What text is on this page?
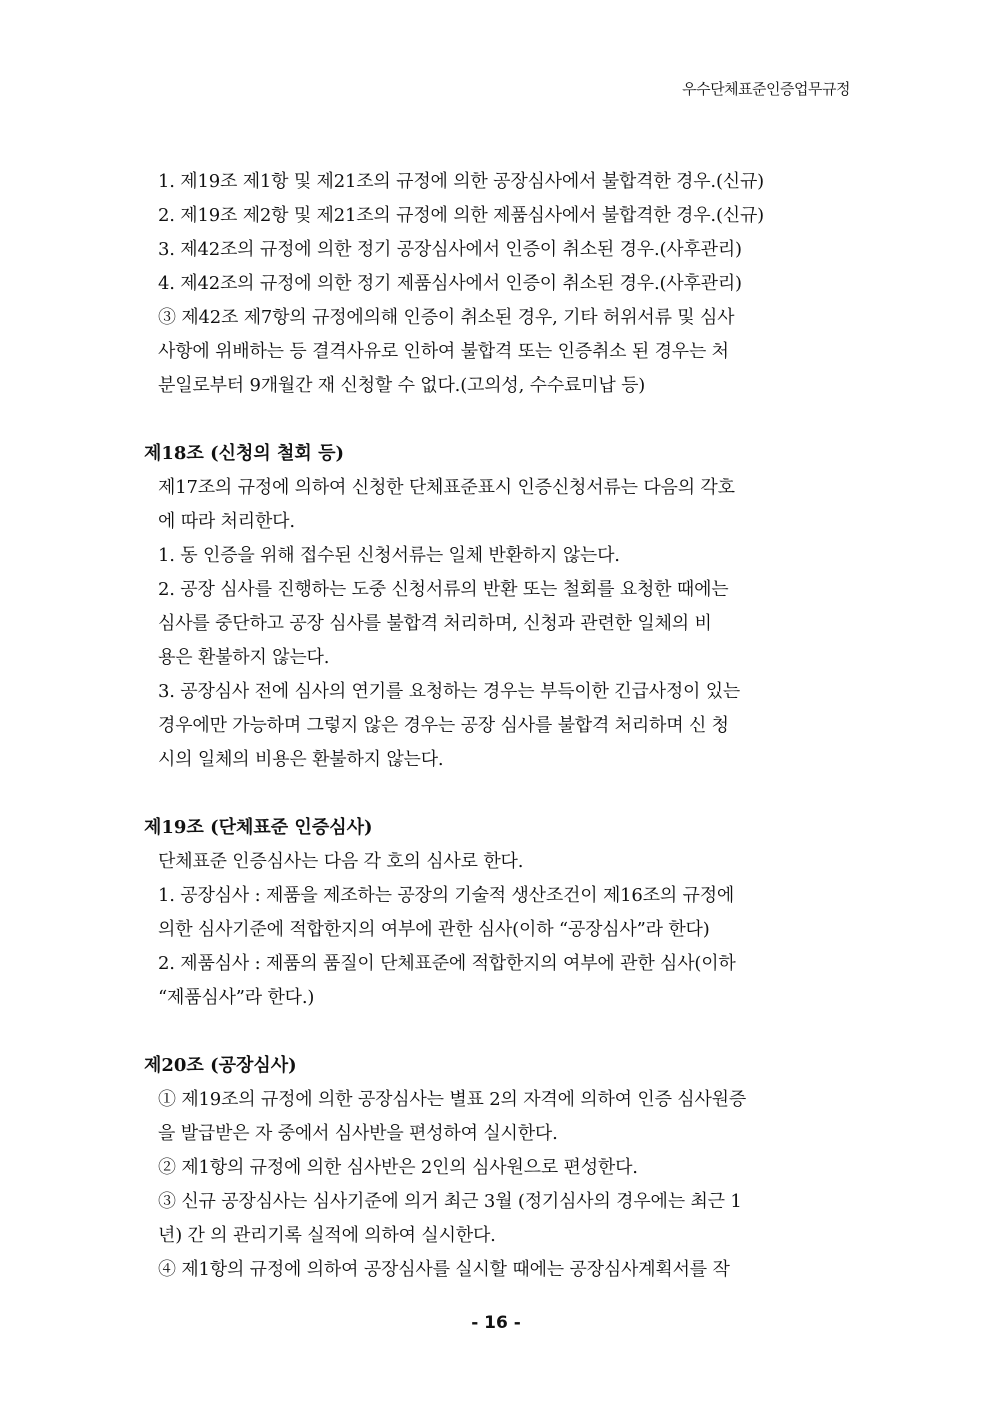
우수단체표준인증업무규정
1. 제19조 제1항 및 제21조의 규정에 의한 공장심사에서 불합격한 경우.(신규)
2. 제19조 제2항 및 제21조의 규정에 의한 제품심사에서 불합격한 경우.(신규)
3. 제42조의 규정에 의한 정기 공장심사에서 인증이 취소된 경우.(사후관리)
4. 제42조의 규정에 의한 정기 제품심사에서 인증이 취소된 경우.(사후관리)
③ 제42조 제7항의 규정에의해 인증이 취소된 경우, 기타 허위서류 및 심사
사항에 위배하는 등 결격사유로 인하여 불합격 또는 인증취소 된 경우는 처
분일로부터 9개월간 재 신청할 수 없다.(고의성, 수수료미납 등)
제18조 (신청의 철회 등)
제17조의 규정에 의하여 신청한 단체표준표시 인증신청서류는 다음의 각호
에 따라 처리한다.
1. 동 인증을 위해 접수된 신청서류는 일체 반환하지 않는다.
2. 공장 심사를 진행하는 도중 신청서류의 반환 또는 철회를 요청한 때에는
심사를 중단하고 공장 심사를 불합격 처리하며, 신청과 관련한 일체의 비
용은 환불하지 않는다.
3. 공장심사 전에 심사의 연기를 요청하는 경우는 부득이한 긴급사정이 있는
경우에만 가능하며 그렇지 않은 경우는 공장 심사를 불합격 처리하며 신 청
시의 일체의 비용은 환불하지 않는다.
제19조 (단체표준 인증심사)
단체표준 인증심사는 다음 각 호의 심사로 한다.
1. 공장심사 : 제품을 제조하는 공장의 기술적 생산조건이 제16조의 규정에
의한 심사기준에 적합한지의 여부에 관한 심사(이하 “공장심사”라 한다)
2. 제품심사 : 제품의 품질이 단체표준에 적합한지의 여부에 관한 심사(이하
“제품심사”라 한다.)
제20조 (공장심사)
① 제19조의 규정에 의한 공장심사는 별표 2의 자격에 의하여 인증 심사원증
을 발급받은 자 중에서 심사반을 편성하여 실시한다.
② 제1항의 규정에 의한 심사반은 2인의 심사원으로 편성한다.
③ 신규 공장심사는 심사기준에 의거 최근 3월 (정기심사의 경우에는 최근 1
년) 간 의 관리기록 실적에 의하여 실시한다.
④ 제1항의 규정에 의하여 공장심사를 실시할 때에는 공장심사계획서를 작
- 16 -
